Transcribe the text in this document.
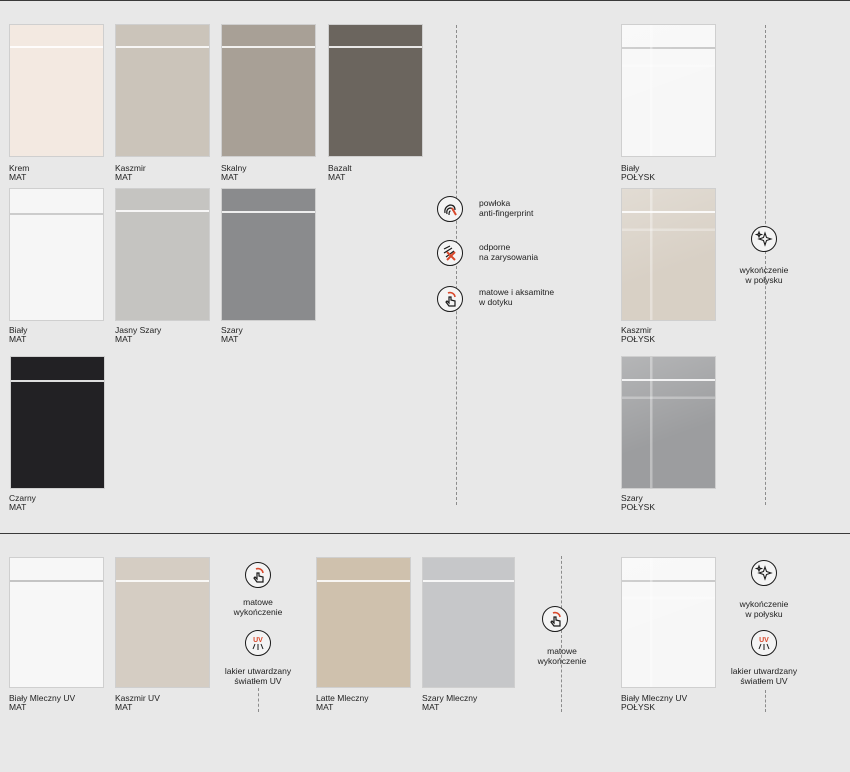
Krem
MAT
Kaszmir
MAT
Skalny
MAT
Bazalt
MAT
Biały
MAT
Jasny Szary
MAT
Szary
MAT
Czarny
MAT
Biały
POŁYSK
Kaszmir
POŁYSK
Szary
POŁYSK
powłoka
anti-fingerprint
odporne
na zarysowania
matowe i aksamitne
w dotyku
wykończenie
w połysku
Biały Mleczny UV
MAT
Kaszmir UV
MAT
matowe
wykończenie
UV
lakier utwardzany
światłem UV
Latte Mleczny
MAT
Szary Mleczny
MAT
matowe
wykończenie
Biały Mleczny UV
POŁYSK
wykończenie
w połysku
UV
lakier utwardzany
światłem UV
